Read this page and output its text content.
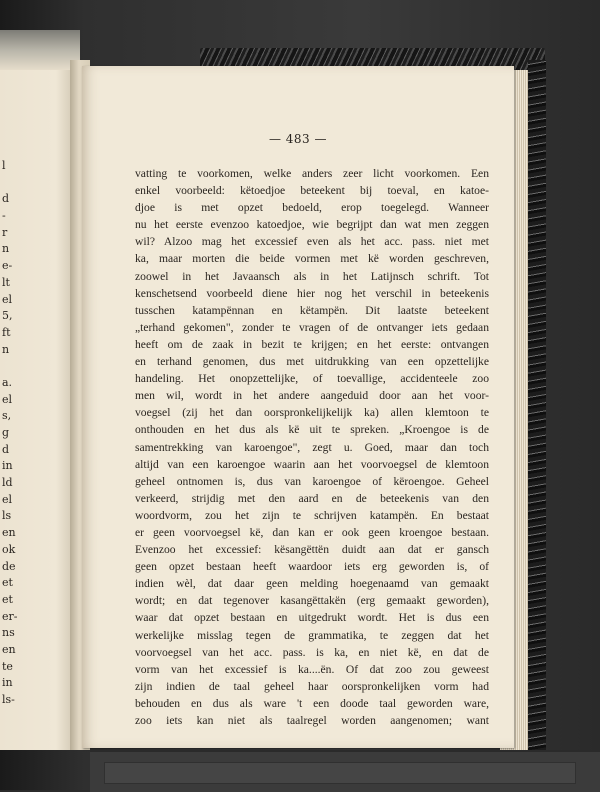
l
d
-
r
n
e-
lt
el
5,
ft
n
a.
el
s,
g
d
in
ld
el
ls
en
ok
de
et
et
er-
ns
en
te
in
ls-
— 483 —
vatting te voorkomen, welke anders zeer licht voorkomen. Een
enkel voorbeeld: këtoedjoe beteekent bij toeval, en katoe-
djoe is met opzet bedoeld, erop toegelegd. Wanneer
nu het eerste evenzoo katoedjoe, wie begrijpt dan wat men zeggen
wil? Alzoo mag het excessief even als het acc. pass. niet met
ka, maar morten die beide vormen met kë worden geschreven,
zoowel in het Javaansch als in het Latijnsch schrift. Tot
kenschetsend voorbeeld diene hier nog het verschil in beteekenis
tusschen katampënnan en këtampën. Dit laatste beteekent
„terhand gekomen", zonder te vragen of de ontvanger iets gedaan
heeft om de zaak in bezit te krijgen; en het eerste: ontvangen
en terhand genomen, dus met uitdrukking van een opzettelijke
handeling. Het onopzettelijke, of toevallige, accidenteele zoo
men wil, wordt in het andere aangeduid door aan het voor-
voegsel (zij het dan oorspronkelijkelijk ka) allen klemtoon te
onthouden en het dus als kë uit te spreken. „Kroengoe is de
samentrekking van karoengoe", zegt u. Goed, maar dan toch
altijd van een karoengoe waarin aan het voorvoegsel de klemtoon
geheel ontnomen is, dus van karoengoe of këroengoe. Geheel
verkeerd, strijdig met den aard en de beteekenis van den
woordvorm, zou het zijn te schrijven katampën. En bestaat
er geen voorvoegsel kë, dan kan er ook geen kroengoe bestaan.
Evenzoo het excessief: kësangëttën duidt aan dat er gansch
geen opzet bestaan heeft waardoor iets erg geworden is, of
indien wèl, dat daar geen melding hoegenaamd van gemaakt
wordt; en dat tegenover kasangëttakën (erg gemaakt geworden),
waar dat opzet bestaan en uitgedrukt wordt. Het is dus een
werkelijke misslag tegen de grammatika, te zeggen dat het
voorvoegsel van het acc. pass. is ka, en niet kë, en dat de
vorm van het excessief is ka....ën. Of dat zoo zou geweest
zijn indien de taal geheel haar oorspronkelijken vorm had
behouden en dus als ware 't een doode taal geworden ware,
zoo iets kan niet als taalregel worden aangenomen; want
